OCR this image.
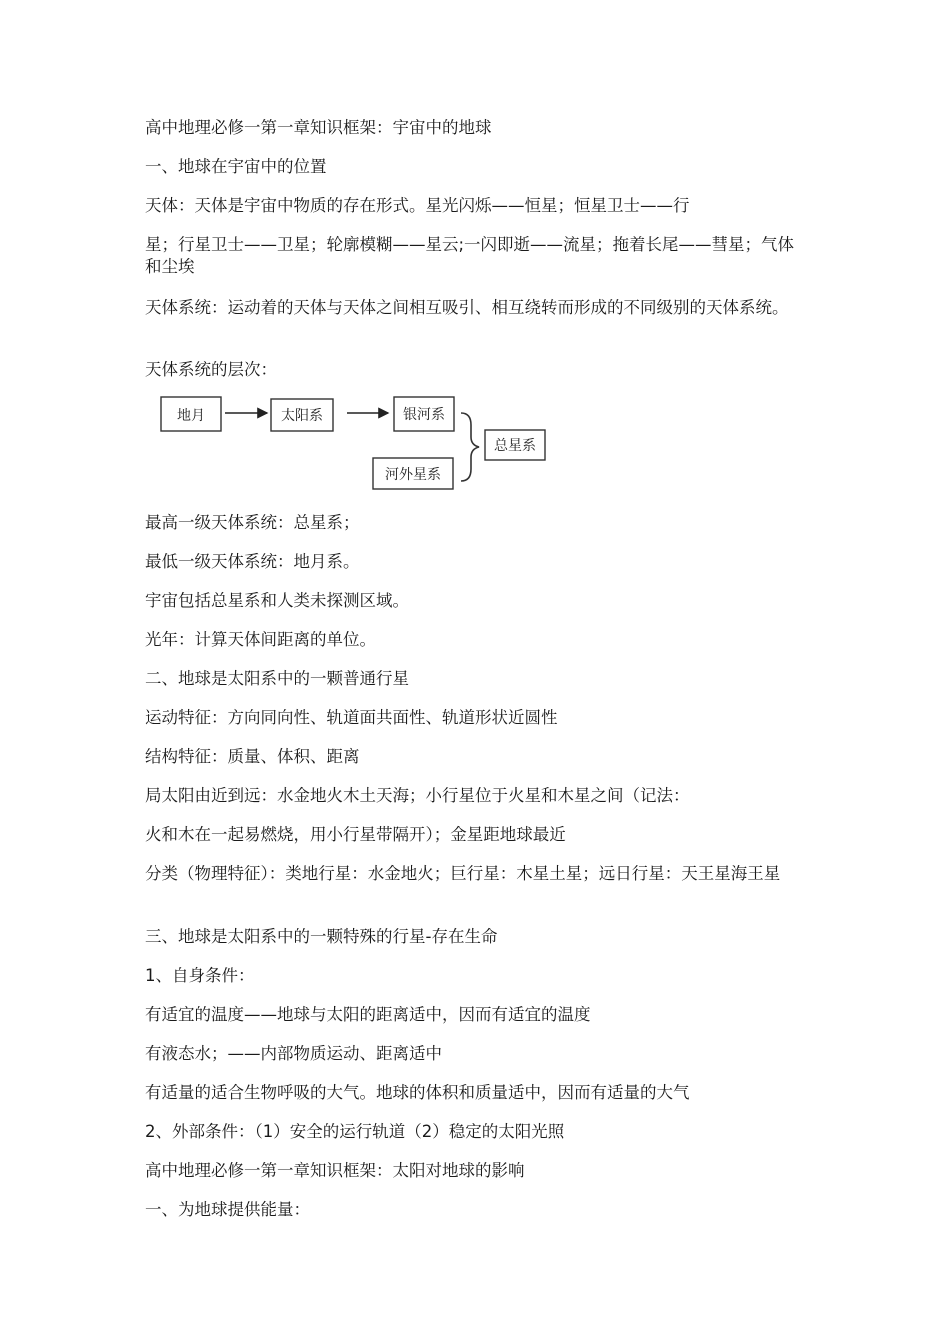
高中地理必修一第一章知识框架：宇宙中的地球
一、地球在宇宙中的位置
天体：天体是宇宙中物质的存在形式。星光闪烁——恒星；恒星卫士——行
星；行星卫士——卫星；轮廓模糊——星云;一闪即逝——流星；拖着长尾——彗星；气体和尘埃
天体系统：运动着的天体与天体之间相互吸引、相互绕转而形成的不同级别的天体系统。
天体系统的层次：
地月	太阳系	银河系
河外星系
总星系
最高一级天体系统：总星系；
最低一级天体系统：地月系。
宇宙包括总星系和人类未探测区域。
光年：计算天体间距离的单位。
二、地球是太阳系中的一颗普通行星
运动特征：方向同向性、轨道面共面性、轨道形状近圆性
结构特征：质量、体积、距离
局太阳由近到远：水金地火木土天海；小行星位于火星和木星之间（记法：
火和木在一起易燃烧，用小行星带隔开）；金星距地球最近
分类（物理特征）：类地行星：水金地火；巨行星：木星土星；远日行星：天王星海王星
三、地球是太阳系中的一颗特殊的行星-存在生命
1、自身条件：
有适宜的温度——地球与太阳的距离适中，因而有适宜的温度
有液态水；——内部物质运动、距离适中
有适量的适合生物呼吸的大气。地球的体积和质量适中，因而有适量的大气
2、外部条件：（1）安全的运行轨道（2）稳定的太阳光照
高中地理必修一第一章知识框架：太阳对地球的影响
一、为地球提供能量：
